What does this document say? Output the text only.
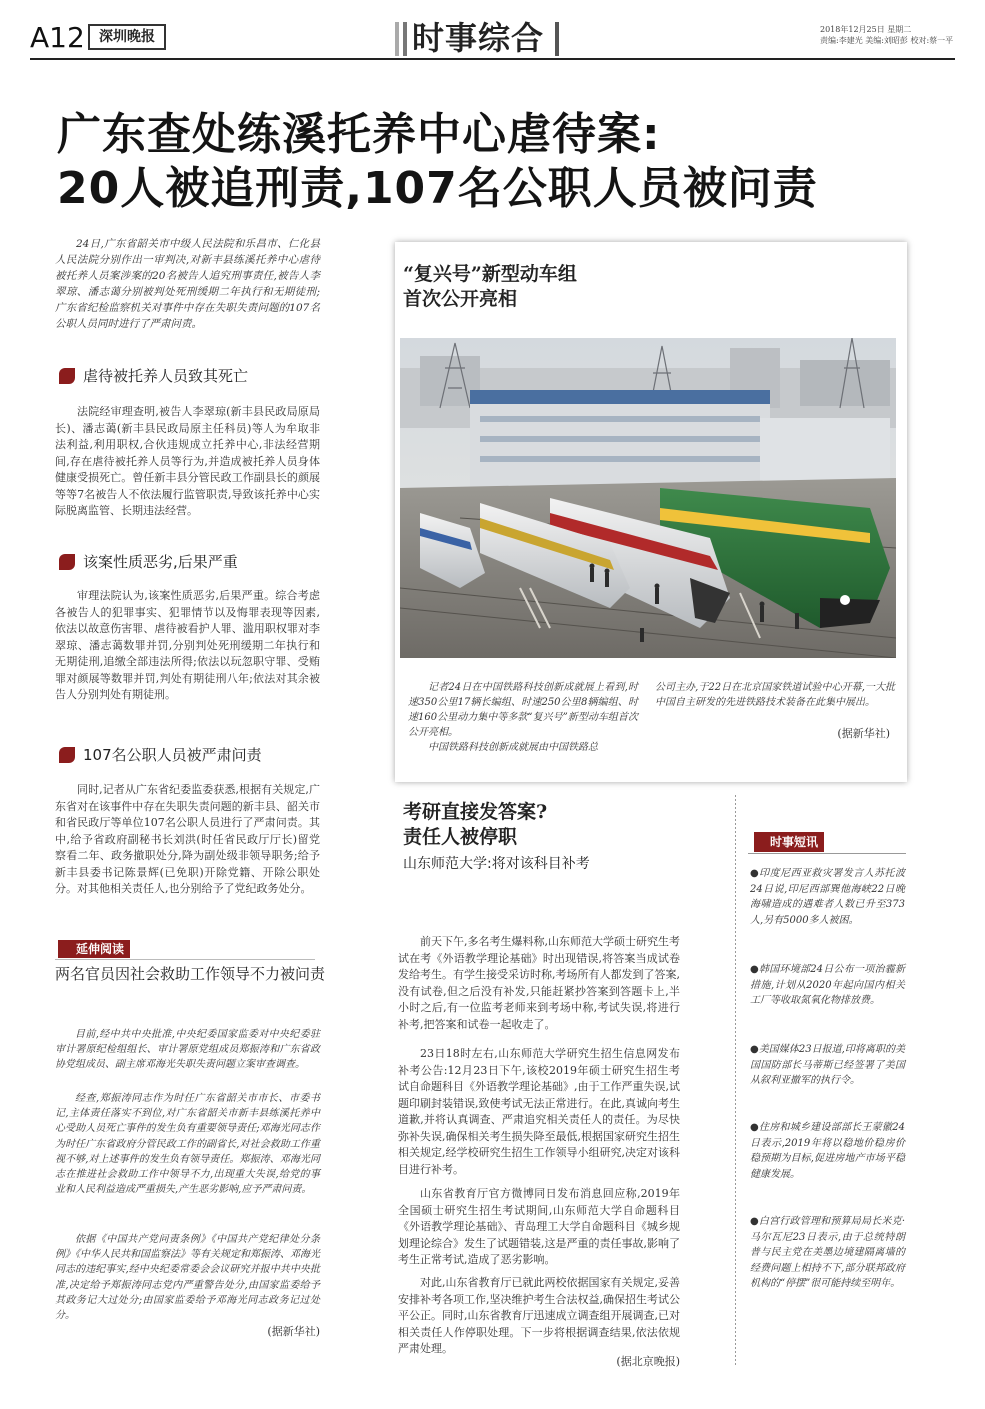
A12	深圳晚报	时事综合	2018年12月25日 星期二
责编:李建光 美编:刘昭彭 校对:蔡一平
广东查处练溪托养中心虐待案:
20人被追刑责,107名公职人员被问责

24日,广东省韶关市中级人民法院和乐昌市、仁化县人民法院分别作出一审判决,对新丰县练溪托养中心虐待被托养人员案涉案的20名被告人追究刑事责任,被告人李翠琼、潘志蔼分别被判处死刑缓期二年执行和无期徒刑;广东省纪检监察机关对事件中存在失职失责问题的107名公职人员同时进行了严肃问责。

虐待被托养人员致其死亡

法院经审理查明,被告人李翠琼(新丰县民政局原局长)、潘志蔼(新丰县民政局原主任科员)等人为牟取非法利益,利用职权,合伙违规成立托养中心,非法经营期间,存在虐待被托养人员等行为,并造成被托养人员身体健康受损死亡。曾任新丰县分管民政工作副县长的颜展等等7名被告人不依法履行监管职责,导致该托养中心实际脱离监管、长期违法经营。

该案性质恶劣,后果严重

审理法院认为,该案性质恶劣,后果严重。综合考虑各被告人的犯罪事实、犯罪情节以及悔罪表现等因素,依法以故意伤害罪、虐待被看护人罪、滥用职权罪对李翠琼、潘志蔼数罪并罚,分别判处死刑缓期二年执行和无期徒刑,追缴全部违法所得;依法以玩忽职守罪、受贿罪对颜展等数罪并罚,判处有期徒刑八年;依法对其余被告人分别判处有期徒刑。

107名公职人员被严肃问责

同时,记者从广东省纪委监委获悉,根据有关规定,广东省对在该事件中存在失职失责问题的新丰县、韶关市和省民政厅等单位107名公职人员进行了严肃问责。其中,给予省政府副秘书长刘洪(时任省民政厅厅长)留党察看二年、政务撤职处分,降为副处级非领导职务;给予新丰县委书记陈景辉(已免职)开除党籍、开除公职处分。对其他相关责任人,也分别给予了党纪政务处分。

延伸阅读
两名官员因社会救助工作领导不力被问责

目前,经中共中央批准,中央纪委国家监委对中央纪委驻审计署原纪检组组长、审计署原党组成员郑振涛和广东省政协党组成员、副主席邓海光失职失责问题立案审查调查。

经查,郑振涛同志作为时任广东省韶关市市长、市委书记,主体责任落实不到位,对广东省韶关市新丰县练溪托养中心受助人员死亡事件的发生负有重要领导责任;邓海光同志作为时任广东省政府分管民政工作的副省长,对社会救助工作重视不够,对上述事件的发生负有领导责任。郑振涛、邓海光同志在推进社会救助工作中领导不力,出现重大失误,给党的事业和人民利益造成严重损失,产生恶劣影响,应予严肃问责。

依据《中国共产党问责条例》《中国共产党纪律处分条例》《中华人民共和国监察法》等有关规定和郑振涛、邓海光同志的违纪事实,经中央纪委常委会会议研究并报中共中央批准,决定给予郑振涛同志党内严重警告处分,由国家监委给予其政务记大过处分;由国家监委给予邓海光同志政务记过处分。

(据新华社)
“复兴号”新型动车组
首次公开亮相

记者24日在中国铁路科技创新成就展上看到,时速350公里17辆长编组、时速250公里8辆编组、时速160公里动力集中等多款“复兴号”新型动车组首次公开亮相。

中国铁路科技创新成就展由中国铁路总

公司主办,于22日在北京国家铁道试验中心开幕,一大批中国自主研发的先进铁路技术装备在此集中展出。

(据新华社)
考研直接发答案?
责任人被停职
山东师范大学:将对该科目补考

前天下午,多名考生爆料称,山东师范大学硕士研究生考试在考《外语教学理论基础》时出现错误,将答案当成试卷发给考生。有学生接受采访时称,考场所有人都发到了答案,没有试卷,但之后没有补发,只能赶紧抄答案到答题卡上,半小时之后,有一位监考老师来到考场中称,考试失误,将进行补考,把答案和试卷一起收走了。

23日18时左右,山东师范大学研究生招生信息网发布补考公告:12月23日下午,该校2019年硕士研究生招生考试自命题科目《外语教学理论基础》,由于工作严重失误,试题印刷封装错误,致使考试无法正常进行。在此,真诚向考生道歉,并将认真调查、严肃追究相关责任人的责任。为尽快弥补失误,确保相关考生损失降至最低,根据国家研究生招生相关规定,经学校研究生招生工作领导小组研究,决定对该科目进行补考。

山东省教育厅官方微博同日发布消息回应称,2019年全国硕士研究生招生考试期间,山东师范大学自命题科目《外语教学理论基础》、青岛理工大学自命题科目《城乡规划理论综合》发生了试题错装,这是严重的责任事故,影响了考生正常考试,造成了恶劣影响。

对此,山东省教育厅已就此两校依据国家有关规定,妥善安排补考各项工作,坚决维护考生合法权益,确保招生考试公平公正。同时,山东省教育厅迅速成立调查组开展调查,已对相关责任人作停职处理。下一步将根据调查结果,依法依规严肃处理。

(据北京晚报)
时事短讯

●印度尼西亚救灾署发言人苏托波24日说,印尼西部巽他海峡22日晚海啸造成的遇难者人数已升至373人,另有5000多人被困。

●韩国环境部24日公布一项治霾新措施,计划从2020年起向国内相关工厂等收取氮氧化物排放费。

●美国媒体23日报道,印将离职的美国国防部长马蒂斯已经签署了美国从叙利亚撤军的执行令。

●住房和城乡建设部部长王蒙徽24日表示,2019年将以稳地价稳房价稳预期为目标,促进房地产市场平稳健康发展。

●白宫行政管理和预算局局长米克·马尔瓦尼23日表示,由于总统特朗普与民主党在美墨边境建隔离墙的经费问题上相持不下,部分联邦政府机构的“停摆”很可能持续至明年。
